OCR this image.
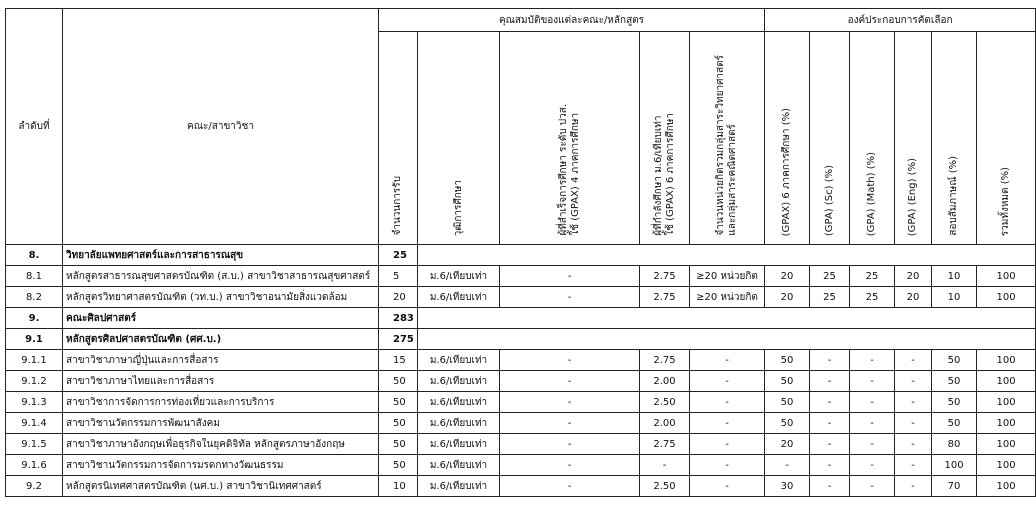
ลำดับที่	คณะ/สาขาวิชา	คุณสมบัติของแต่ละคณะ/หลักสูตร					องค์ประกอบการคัดเลือก					

		จำนวนการรับ	วุฒิการศึกษา	ผู้ที่สำเร็จการศึกษา ระดับ ปวส.
ใช้ (GPAX) 4 ภาคการศึกษา	ผู้ที่กำลังศึกษา ม.6/เทียบเท่า
ใช้ (GPAX) 6 ภาคการศึกษา	จำนวนหน่วยกิตรวมกลุ่มสาระวิทยาศาสตร์
และกลุ่มสาระคณิตศาสตร์	(GPAX) 6 ภาคการศึกษา (%)	(GPA) (Sc) (%)	(GPA) (Math) (%)	(GPA) (Eng) (%)	สอบสัมภาษณ์ (%)	รวมทั้งหมด (%)

8.	วิทยาลัยแพทยศาสตร์และการสาธารณสุข	25										
8.1	หลักสูตรสาธารณสุขศาสตรบัณฑิต (ส.บ.) สาขาวิชาสาธารณสุขศาสตร์	5	ม.6/เทียบเท่า	-	2.75	≥20 หน่วยกิต	20	25	25	20	10	100
8.2	หลักสูตรวิทยาศาสตรบัณฑิต (วท.บ.) สาขาวิชาอนามัยสิ่งแวดล้อม	20	ม.6/เทียบเท่า	-	2.75	≥20 หน่วยกิต	20	25	25	20	10	100
9.	คณะศิลปศาสตร์	283										
9.1	หลักสูตรศิลปศาสตรบัณฑิต (ศศ.บ.)	275										
9.1.1	สาขาวิชาภาษาญี่ปุ่นและการสื่อสาร	15	ม.6/เทียบเท่า	-	2.75	-	50	-	-	-	50	100
9.1.2	สาขาวิชาภาษาไทยและการสื่อสาร	50	ม.6/เทียบเท่า	-	2.00	-	50	-	-	-	50	100
9.1.3	สาขาวิชาการจัดการการท่องเที่ยวและการบริการ	50	ม.6/เทียบเท่า	-	2.50	-	50	-	-	-	50	100
9.1.4	สาขาวิชานวัตกรรมการพัฒนาสังคม	50	ม.6/เทียบเท่า	-	2.00	-	50	-	-	-	50	100
9.1.5	สาขาวิชาภาษาอังกฤษเพื่อธุรกิจในยุคดิจิทัล หลักสูตรภาษาอังกฤษ	50	ม.6/เทียบเท่า	-	2.75	-	20	-	-	-	80	100
9.1.6	สาขาวิชานวัตกรรมการจัดการมรดกทางวัฒนธรรม	50	ม.6/เทียบเท่า	-	-	-	-	-	-	-	100	100
9.2	หลักสูตรนิเทศศาสตรบัณฑิต (นศ.บ.) สาขาวิชานิเทศศาสตร์	10	ม.6/เทียบเท่า	-	2.50	-	30	-	-	-	70	100
